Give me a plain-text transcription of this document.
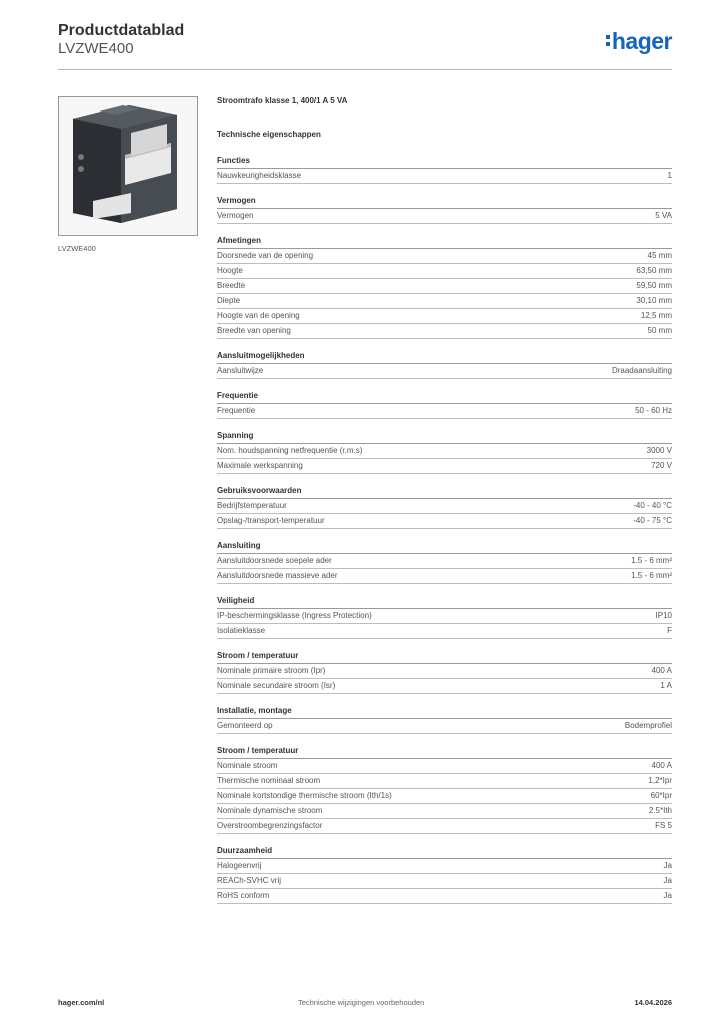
Productdatablad
LVZWE400	hager
LVZWE400
Stroomtrafo klasse 1, 400/1 A 5 VA
Technische eigenschappen
Functies
Nauwkeurigheidsklasse	1
Vermogen
Vermogen	5 VA
Afmetingen
Doorsnede van de opening	45 mm
Hoogte	63,50 mm
Breedte	59,50 mm
Diepte	30,10 mm
Hoogte van de opening	12,5 mm
Breedte van opening	50 mm
Aansluitmogelijkheden
Aansluitwijze	Draadaansluiting
Frequentie
Frequentie	50 - 60 Hz
Spanning
Nom. houdspanning netfrequentie (r.m.s)	3000 V
Maximale werkspanning	720 V
Gebruiksvoorwaarden
Bedrijfstemperatuur	-40 - 40 °C
Opslag-/transport-temperatuur	-40 - 75 °C
Aansluiting
Aansluitdoorsnede soepele ader	1.5 - 6 mm²
Aansluitdoorsnede massieve ader	1.5 - 6 mm²
Veiligheid
IP-beschermingsklasse (Ingress Protection)	IP10
Isolatieklasse	F
Stroom / temperatuur
Nominale primaire stroom (Ipr)	400 A
Nominale secundaire stroom (Isr)	1 A
Installatie, montage
Gemonteerd op	Bodemprofiel
Stroom / temperatuur
Nominale stroom	400 A
Thermische nominaal stroom	1,2*Ipr
Nominale kortstondige thermische stroom (Ith/1s)	60*Ipr
Nominale dynamische stroom	2.5*Ith
Overstroombegrenzingsfactor	FS 5
Duurzaamheid
Halogeenvrij	Ja
REACh-SVHC vrij	Ja
RoHS conform	Ja
hager.com/nl	Technische wijzigingen voorbehouden	14.04.2026
